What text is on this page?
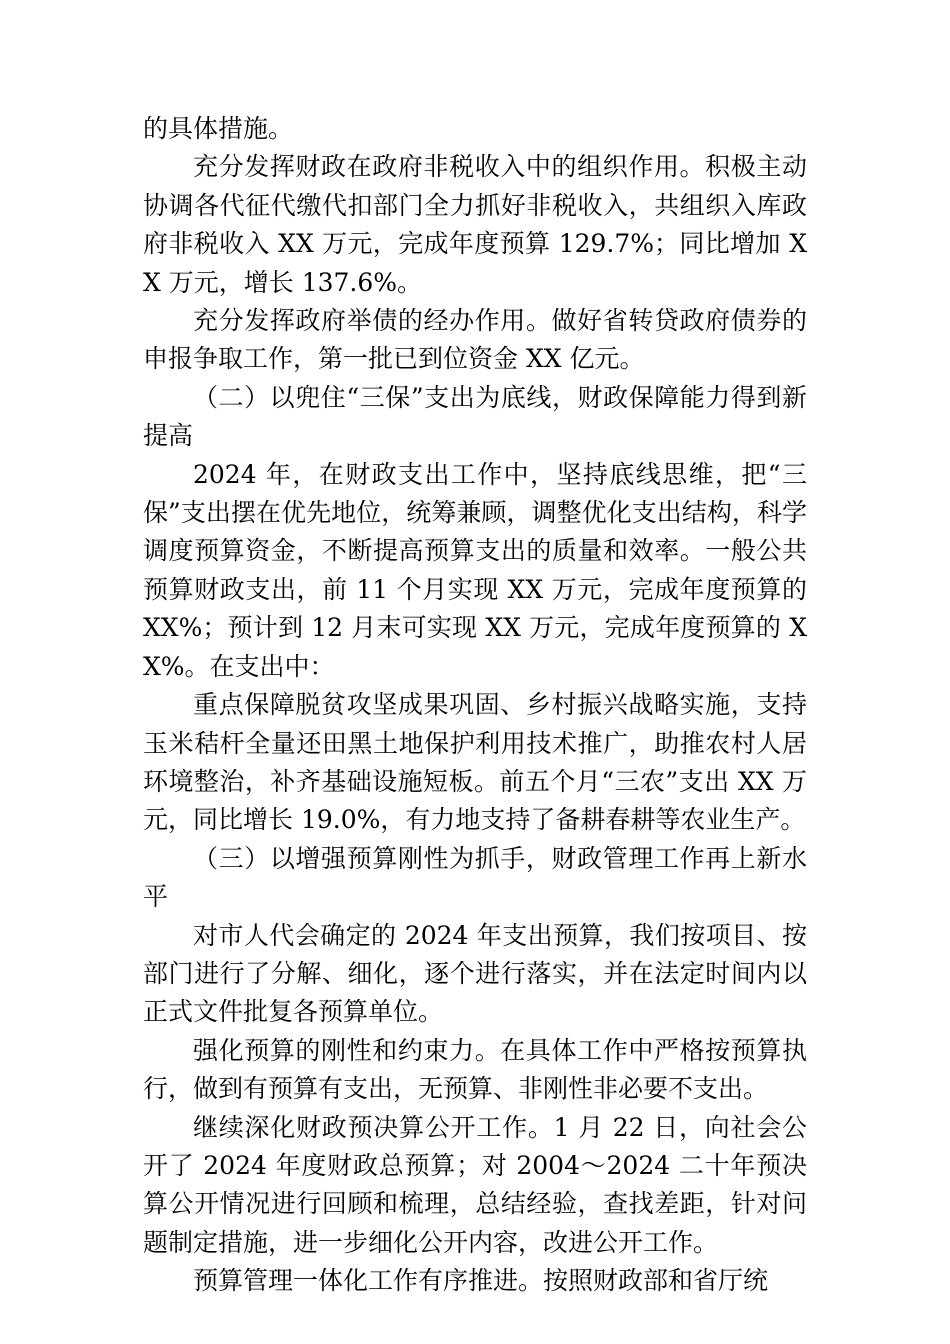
的具体措施。

充分发挥财政在政府非税收入中的组织作用。积极主动协调各代征代缴代扣部门全力抓好非税收入，共组织入库政府非税收入 XX 万元，完成年度预算 129.7%；同比增加 XX 万元，增长 137.6%。

充分发挥政府举债的经办作用。做好省转贷政府债券的申报争取工作，第一批已到位资金 XX 亿元。

（二）以兜住“三保”支出为底线，财政保障能力得到新提高

2024 年，在财政支出工作中，坚持底线思维，把“三保”支出摆在优先地位，统筹兼顾，调整优化支出结构，科学调度预算资金，不断提高预算支出的质量和效率。一般公共预算财政支出，前 11 个月实现 XX 万元，完成年度预算的 XX%；预计到 12 月末可实现 XX 万元，完成年度预算的 XX%。在支出中：

重点保障脱贫攻坚成果巩固、乡村振兴战略实施，支持玉米秸杆全量还田黑土地保护利用技术推广，助推农村人居环境整治，补齐基础设施短板。前五个月“三农”支出 XX 万元，同比增长 19.0%，有力地支持了备耕春耕等农业生产。

（三）以增强预算刚性为抓手，财政管理工作再上新水平

对市人代会确定的 2024 年支出预算，我们按项目、按部门进行了分解、细化，逐个进行落实，并在法定时间内以正式文件批复各预算单位。

强化预算的刚性和约束力。在具体工作中严格按预算执行，做到有预算有支出，无预算、非刚性非必要不支出。

继续深化财政预决算公开工作。1 月 22 日，向社会公开了 2024 年度财政总预算；对 2004～2024 二十年预决算公开情况进行回顾和梳理，总结经验，查找差距，针对问题制定措施，进一步细化公开内容，改进公开工作。

预算管理一体化工作有序推进。按照财政部和省厅统
